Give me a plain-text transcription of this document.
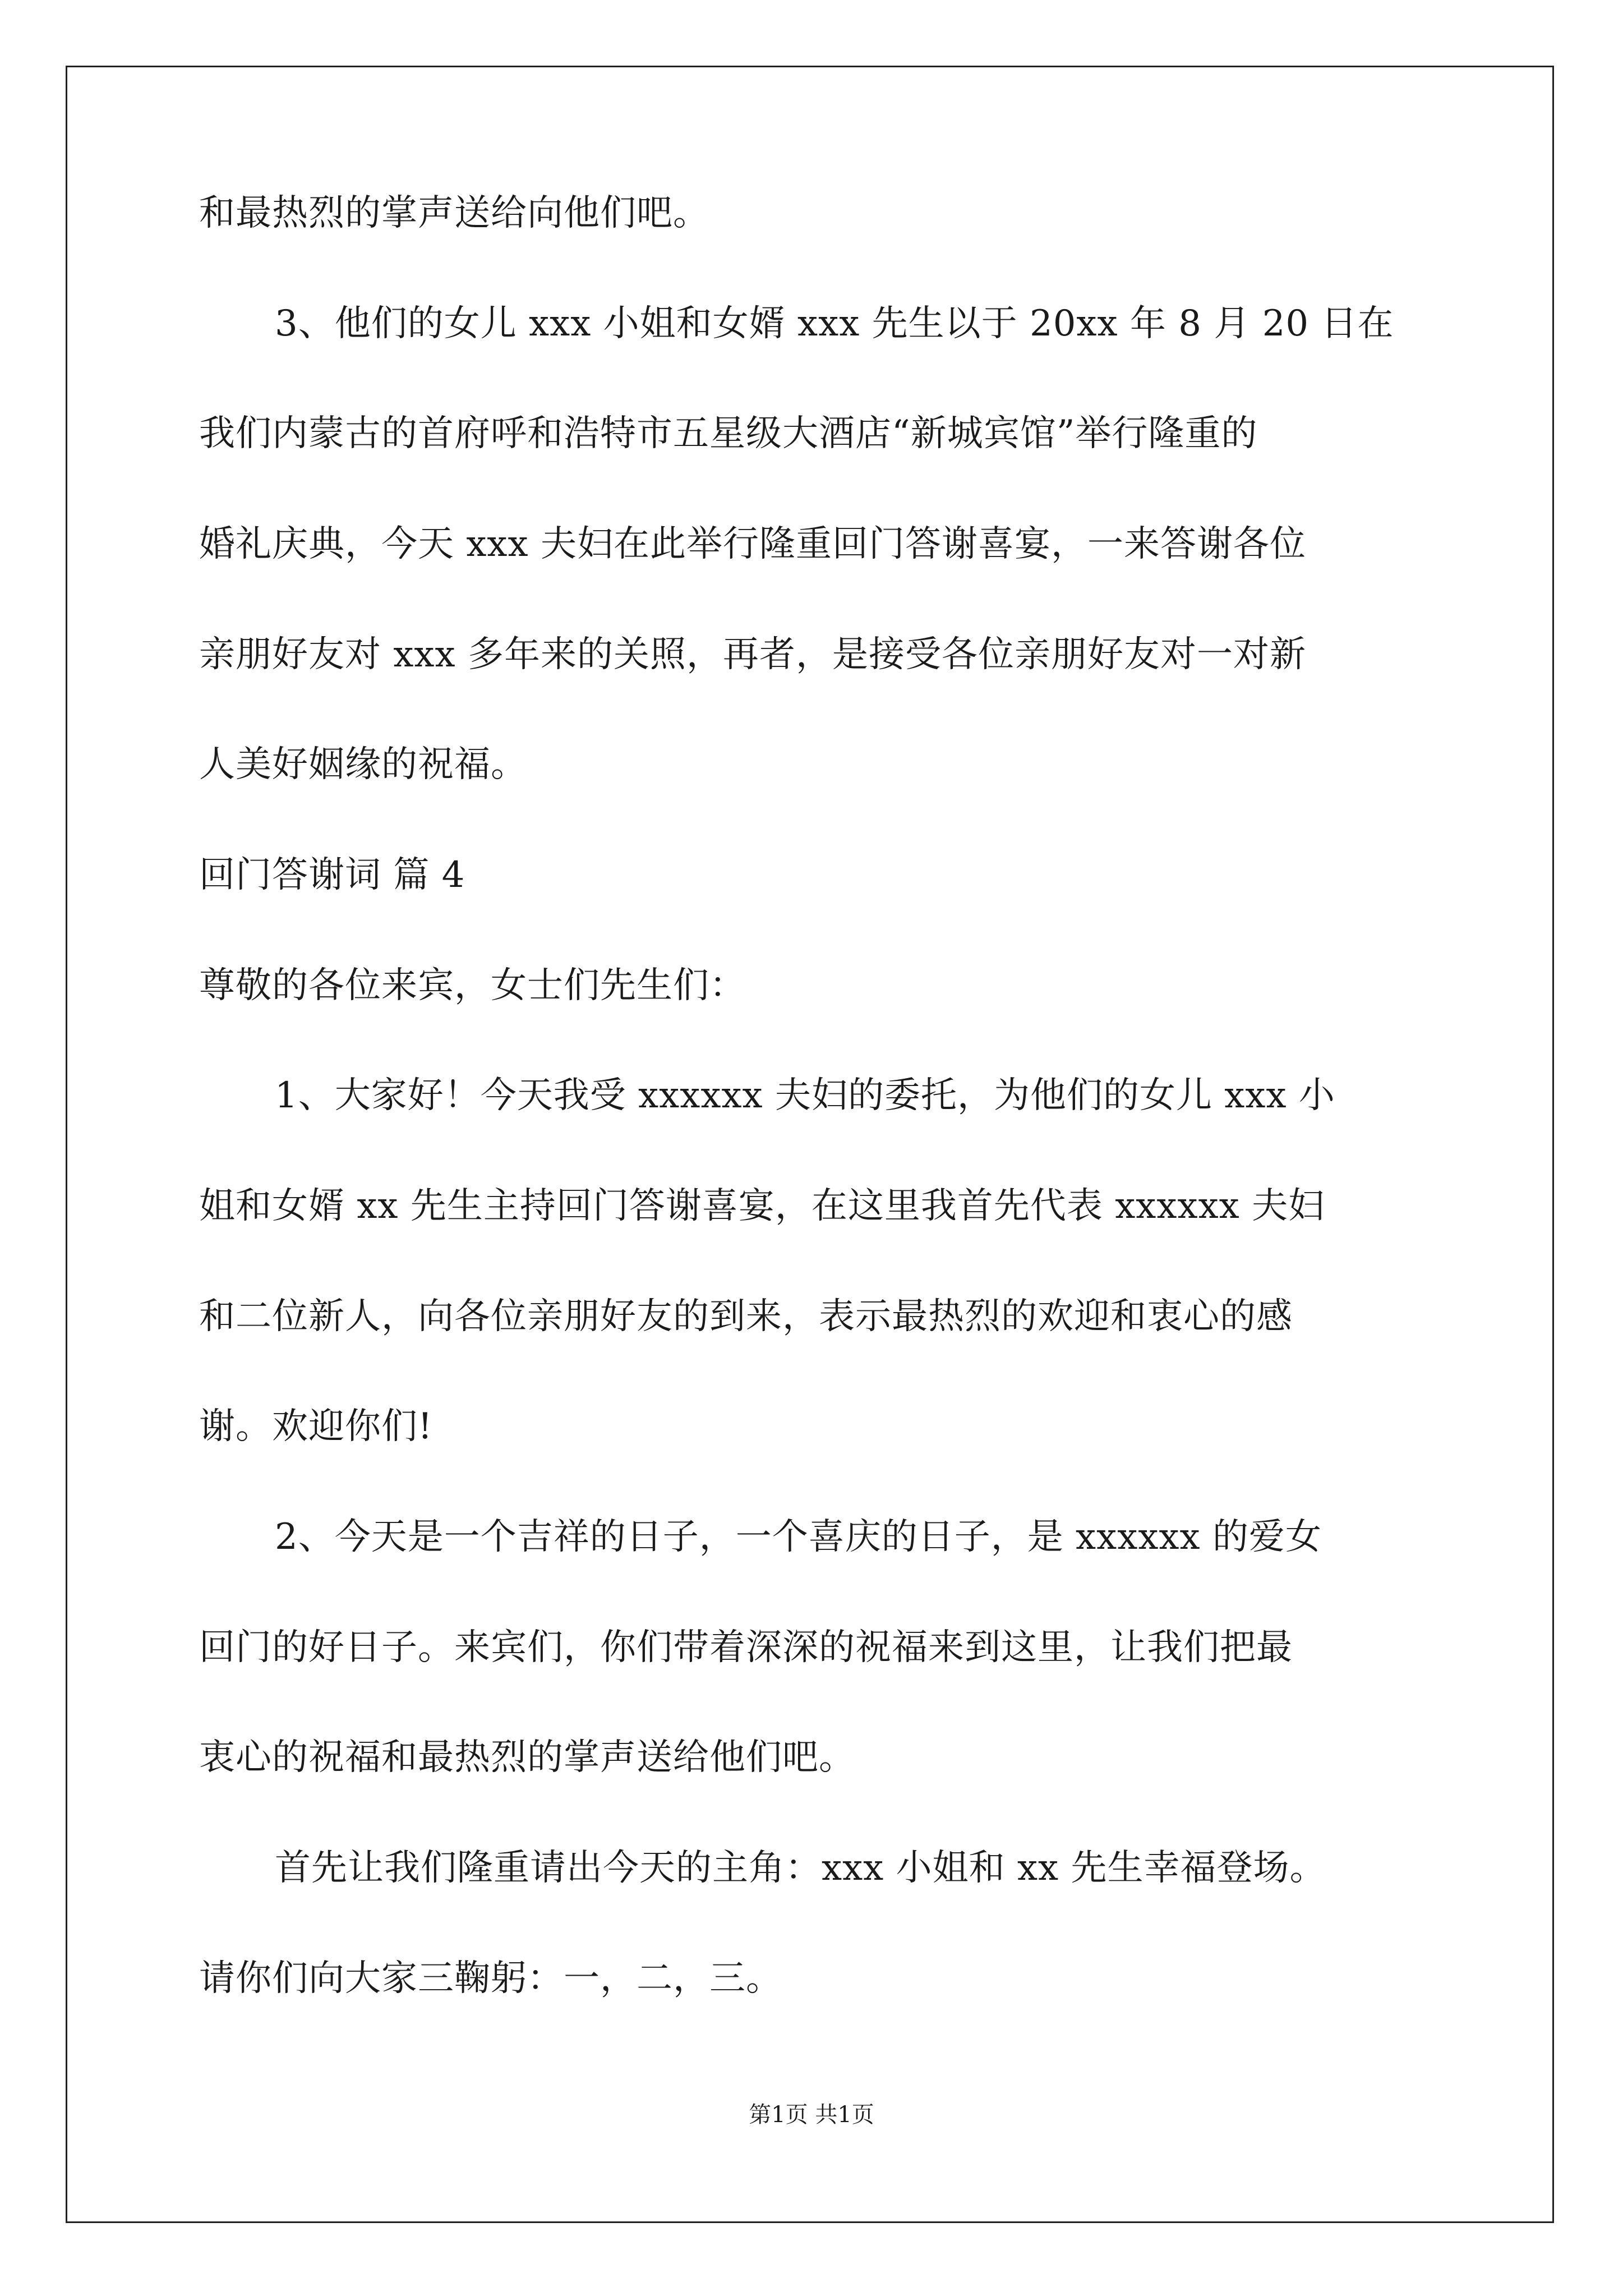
和最热烈的掌声送给向他们吧。
3、他们的女儿 xxx 小姐和女婿 xxx 先生以于 20xx 年 8 月 20 日在
我们内蒙古的首府呼和浩特市五星级大酒店“新城宾馆”举行隆重的
婚礼庆典，今天 xxx 夫妇在此举行隆重回门答谢喜宴，一来答谢各位
亲朋好友对 xxx 多年来的关照，再者，是接受各位亲朋好友对一对新
人美好姻缘的祝福。
回门答谢词 篇 4
尊敬的各位来宾，女士们先生们：
1、大家好！今天我受 xxxxxx 夫妇的委托，为他们的女儿 xxx 小
姐和女婿 xx 先生主持回门答谢喜宴，在这里我首先代表 xxxxxx 夫妇
和二位新人，向各位亲朋好友的到来，表示最热烈的欢迎和衷心的感
谢。欢迎你们!
2、今天是一个吉祥的日子，一个喜庆的日子，是 xxxxxx 的爱女
回门的好日子。来宾们，你们带着深深的祝福来到这里，让我们把最
衷心的祝福和最热烈的掌声送给他们吧。
首先让我们隆重请出今天的主角：xxx 小姐和 xx 先生幸福登场。
请你们向大家三鞠躬：一，二，三。
第1页 共1页
